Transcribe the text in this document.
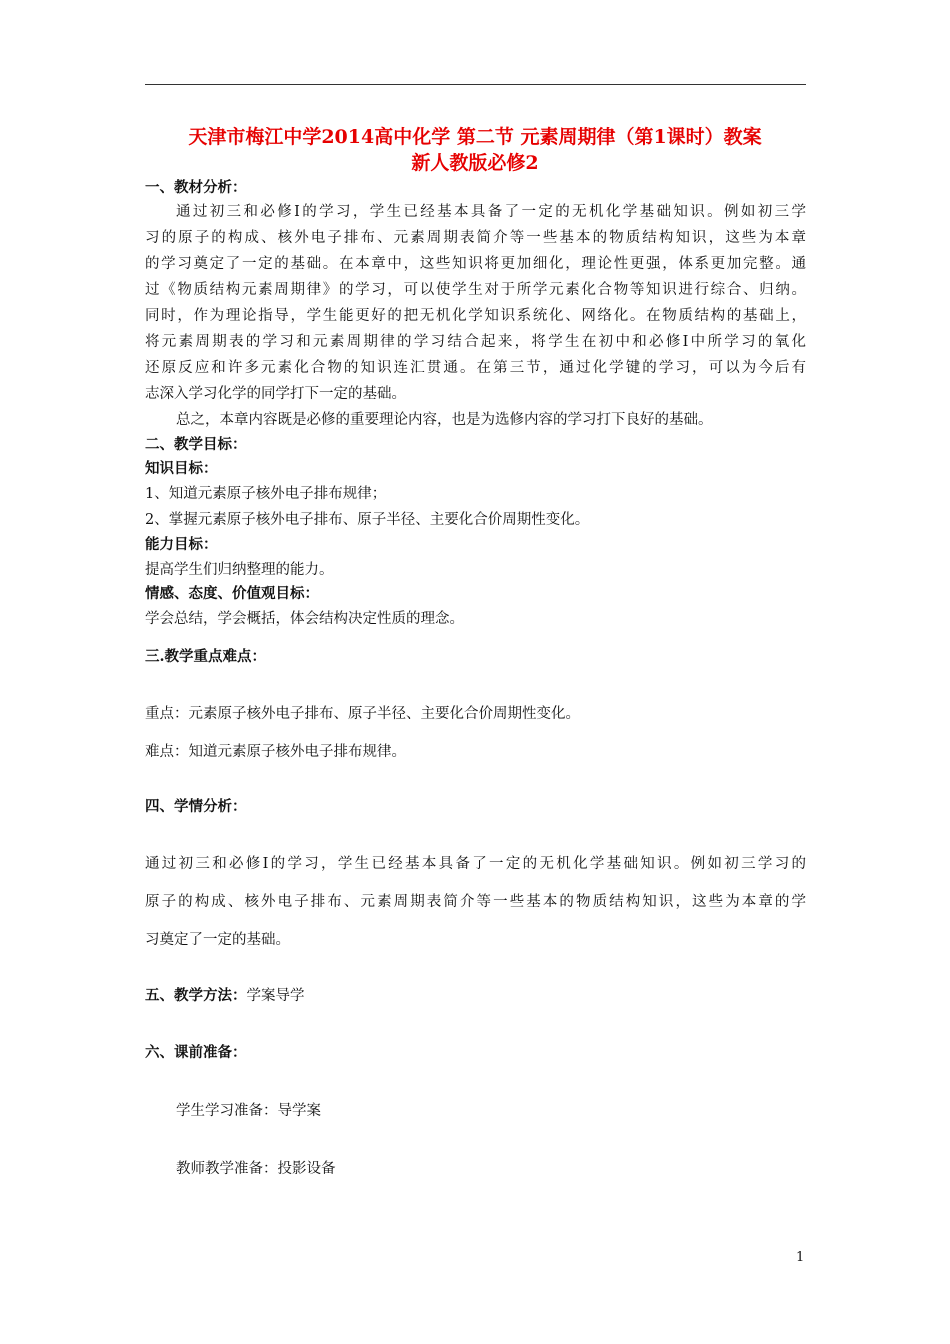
天津市梅江中学2014高中化学 第二节 元素周期律（第1课时）教案
新人教版必修2
一、教材分析：
通过初三和必修Ⅰ的学习，学生已经基本具备了一定的无机化学基础知识。例如初三学
习的原子的构成、核外电子排布、元素周期表简介等一些基本的物质结构知识，这些为本章
的学习奠定了一定的基础。在本章中，这些知识将更加细化，理论性更强，体系更加完整。通
过《物质结构元素周期律》的学习，可以使学生对于所学元素化合物等知识进行综合、归纳。
同时，作为理论指导，学生能更好的把无机化学知识系统化、网络化。在物质结构的基础上，
将元素周期表的学习和元素周期律的学习结合起来，将学生在初中和必修Ⅰ中所学习的氧化
还原反应和许多元素化合物的知识连汇贯通。在第三节，通过化学键的学习，可以为今后有
志深入学习化学的同学打下一定的基础。
总之，本章内容既是必修的重要理论内容，也是为选修内容的学习打下良好的基础。
二、教学目标：
知识目标：
1、知道元素原子核外电子排布规律；
2、掌握元素原子核外电子排布、原子半径、主要化合价周期性变化。
能力目标：
提高学生们归纳整理的能力。
情感、态度、价值观目标：
学会总结，学会概括，体会结构决定性质的理念。
三.教学重点难点：
重点：元素原子核外电子排布、原子半径、主要化合价周期性变化。
难点：知道元素原子核外电子排布规律。
四、学情分析：
通过初三和必修Ⅰ的学习，学生已经基本具备了一定的无机化学基础知识。例如初三学习的
原子的构成、核外电子排布、元素周期表简介等一些基本的物质结构知识，这些为本章的学
习奠定了一定的基础。
五、教学方法：学案导学
六、课前准备：
学生学习准备：导学案
教师教学准备：投影设备
1
